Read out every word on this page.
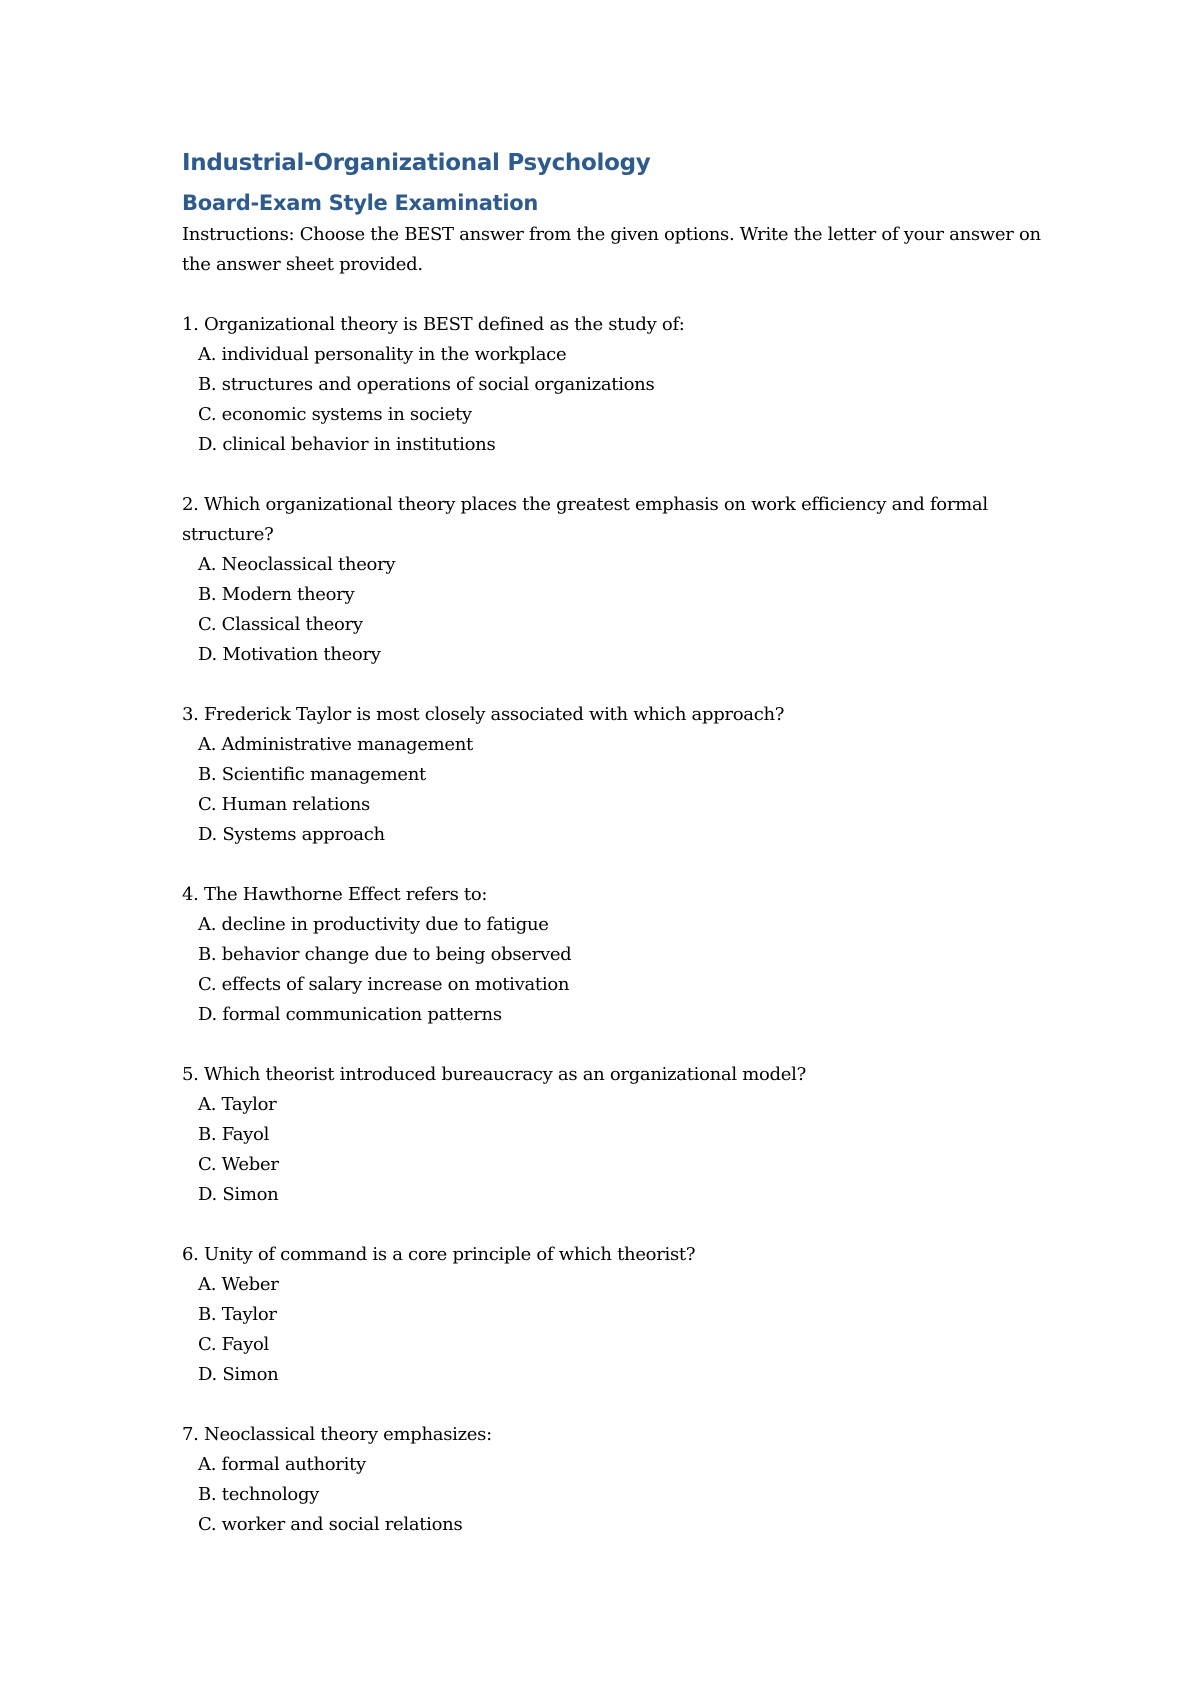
Industrial-Organizational Psychology
Board-Exam Style Examination

Instructions: Choose the BEST answer from the given options. Write the letter of your answer on the answer sheet provided.

1. Organizational theory is BEST defined as the study of:

A. individual personality in the workplace
B. structures and operations of social organizations
C. economic systems in society
D. clinical behavior in institutions

2. Which organizational theory places the greatest emphasis on work efficiency and formal structure?

A. Neoclassical theory
B. Modern theory
C. Classical theory
D. Motivation theory

3. Frederick Taylor is most closely associated with which approach?

A. Administrative management
B. Scientific management
C. Human relations
D. Systems approach

4. The Hawthorne Effect refers to:

A. decline in productivity due to fatigue
B. behavior change due to being observed
C. effects of salary increase on motivation
D. formal communication patterns

5. Which theorist introduced bureaucracy as an organizational model?

A. Taylor
B. Fayol
C. Weber
D. Simon

6. Unity of command is a core principle of which theorist?

A. Weber
B. Taylor
C. Fayol
D. Simon

7. Neoclassical theory emphasizes:

A. formal authority
B. technology
C. worker and social relations
